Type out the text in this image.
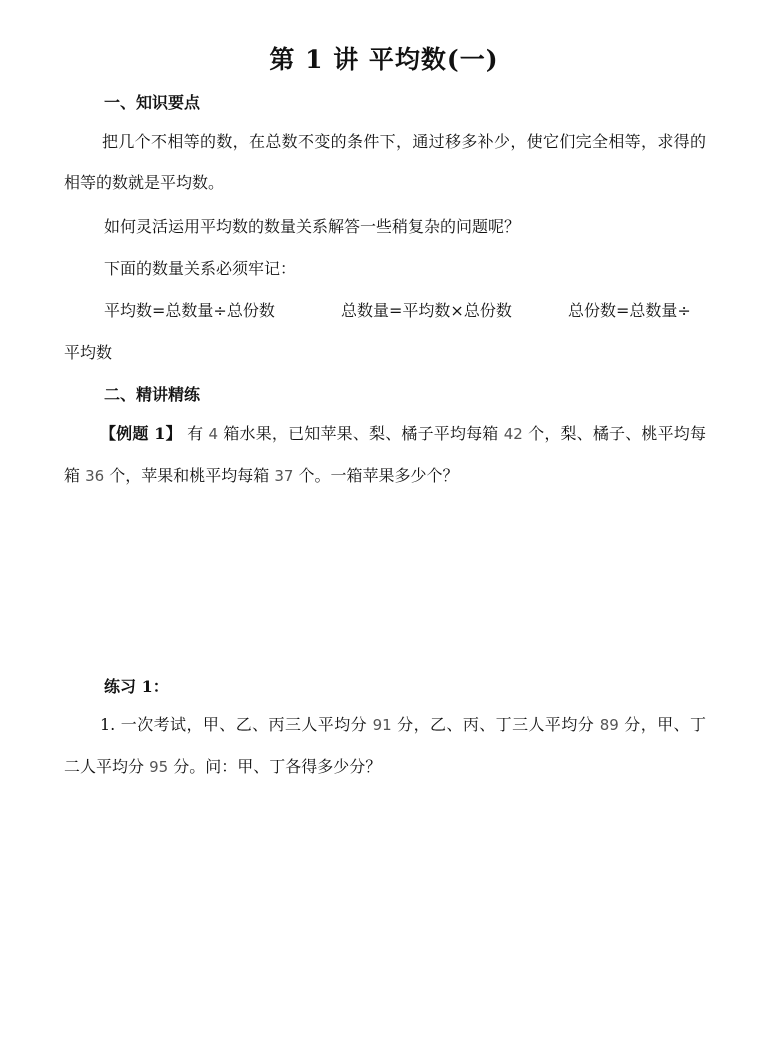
第 1 讲 平均数(一)
一、知识要点
把几个不相等的数，在总数不变的条件下，通过移多补少，使它们完全相等，求得的相等的数就是平均数。
如何灵活运用平均数的数量关系解答一些稍复杂的问题呢？
下面的数量关系必须牢记：
平均数=总数量÷总份数	总数量=平均数×总份数	总份数=总数量÷
平均数
二、精讲精练
【例题 1】 有 4 箱水果，已知苹果、梨、橘子平均每箱 42 个，梨、橘子、桃平均每箱 36 个，苹果和桃平均每箱 37 个。一箱苹果多少个？
练习 1：
1. 一次考试，甲、乙、丙三人平均分 91 分，乙、丙、丁三人平均分 89 分，甲、丁二人平均分 95 分。问：甲、丁各得多少分？
